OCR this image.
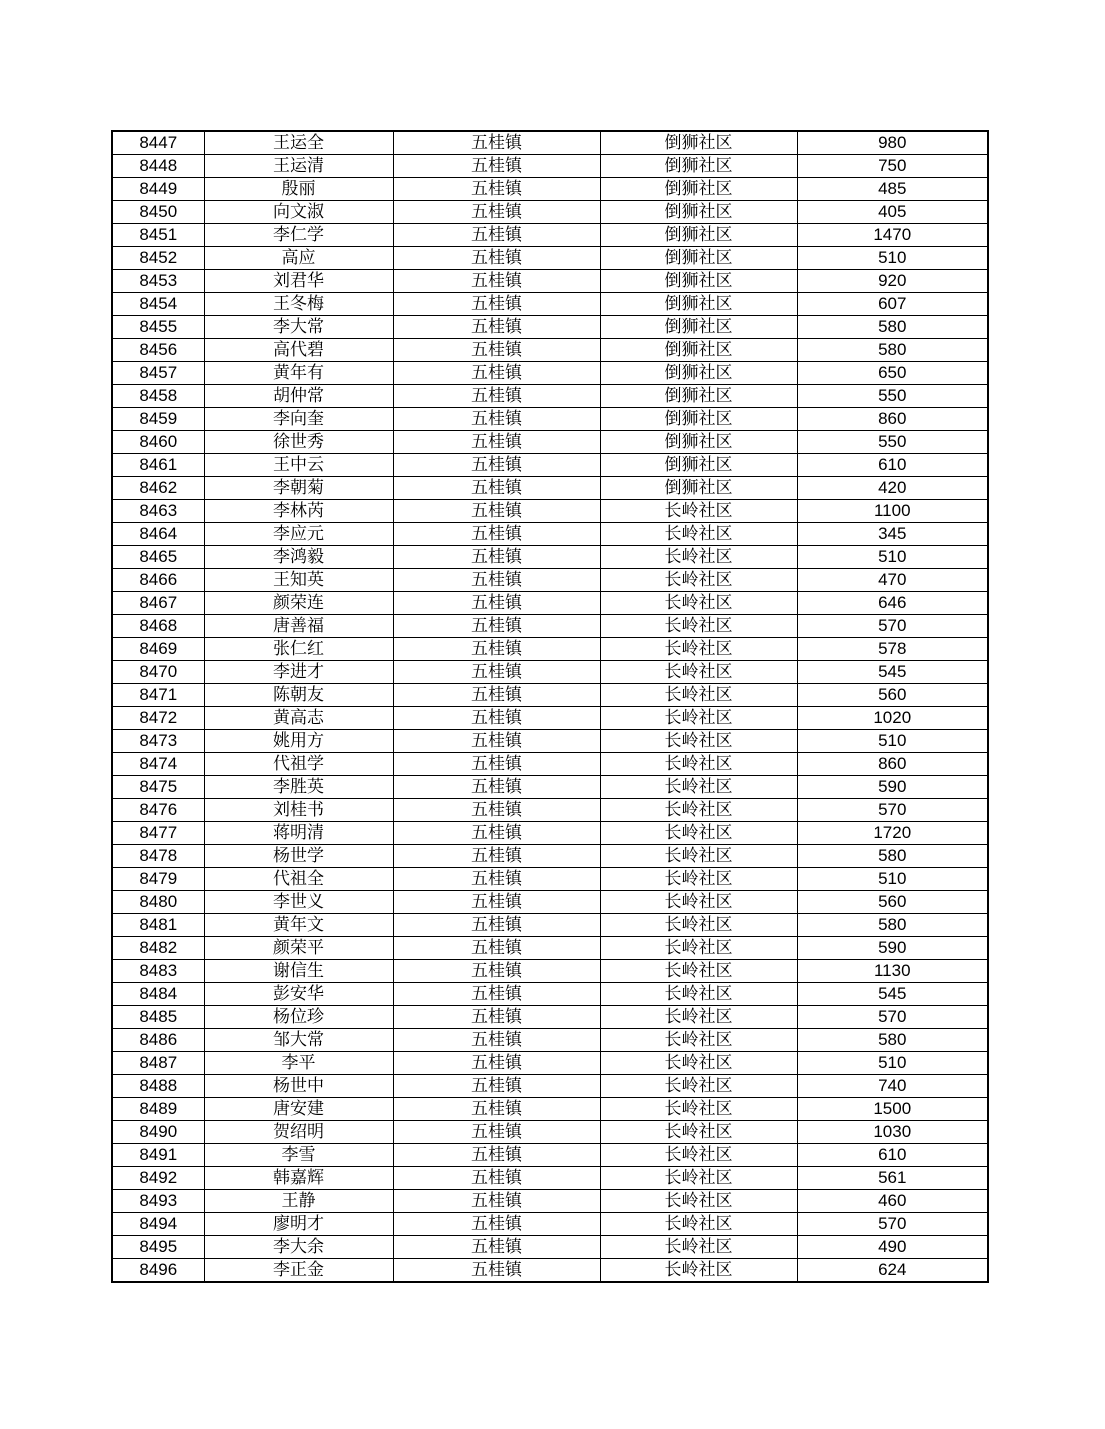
8447	王运全	五桂镇	倒狮社区	980
8448	王运清	五桂镇	倒狮社区	750
8449	殷丽	五桂镇	倒狮社区	485
8450	向文淑	五桂镇	倒狮社区	405
8451	李仁学	五桂镇	倒狮社区	1470
8452	高应	五桂镇	倒狮社区	510
8453	刘君华	五桂镇	倒狮社区	920
8454	王冬梅	五桂镇	倒狮社区	607
8455	李大常	五桂镇	倒狮社区	580
8456	高代碧	五桂镇	倒狮社区	580
8457	黄年有	五桂镇	倒狮社区	650
8458	胡仲常	五桂镇	倒狮社区	550
8459	李向奎	五桂镇	倒狮社区	860
8460	徐世秀	五桂镇	倒狮社区	550
8461	王中云	五桂镇	倒狮社区	610
8462	李朝菊	五桂镇	倒狮社区	420
8463	李林芮	五桂镇	长岭社区	1100
8464	李应元	五桂镇	长岭社区	345
8465	李鸿毅	五桂镇	长岭社区	510
8466	王知英	五桂镇	长岭社区	470
8467	颜荣连	五桂镇	长岭社区	646
8468	唐善福	五桂镇	长岭社区	570
8469	张仁红	五桂镇	长岭社区	578
8470	李进才	五桂镇	长岭社区	545
8471	陈朝友	五桂镇	长岭社区	560
8472	黄高志	五桂镇	长岭社区	1020
8473	姚用方	五桂镇	长岭社区	510
8474	代祖学	五桂镇	长岭社区	860
8475	李胜英	五桂镇	长岭社区	590
8476	刘桂书	五桂镇	长岭社区	570
8477	蒋明清	五桂镇	长岭社区	1720
8478	杨世学	五桂镇	长岭社区	580
8479	代祖全	五桂镇	长岭社区	510
8480	李世义	五桂镇	长岭社区	560
8481	黄年文	五桂镇	长岭社区	580
8482	颜荣平	五桂镇	长岭社区	590
8483	谢信生	五桂镇	长岭社区	1130
8484	彭安华	五桂镇	长岭社区	545
8485	杨位珍	五桂镇	长岭社区	570
8486	邹大常	五桂镇	长岭社区	580
8487	李平	五桂镇	长岭社区	510
8488	杨世中	五桂镇	长岭社区	740
8489	唐安建	五桂镇	长岭社区	1500
8490	贺绍明	五桂镇	长岭社区	1030
8491	李雪	五桂镇	长岭社区	610
8492	韩嘉辉	五桂镇	长岭社区	561
8493	王静	五桂镇	长岭社区	460
8494	廖明才	五桂镇	长岭社区	570
8495	李大余	五桂镇	长岭社区	490
8496	李正金	五桂镇	长岭社区	624
